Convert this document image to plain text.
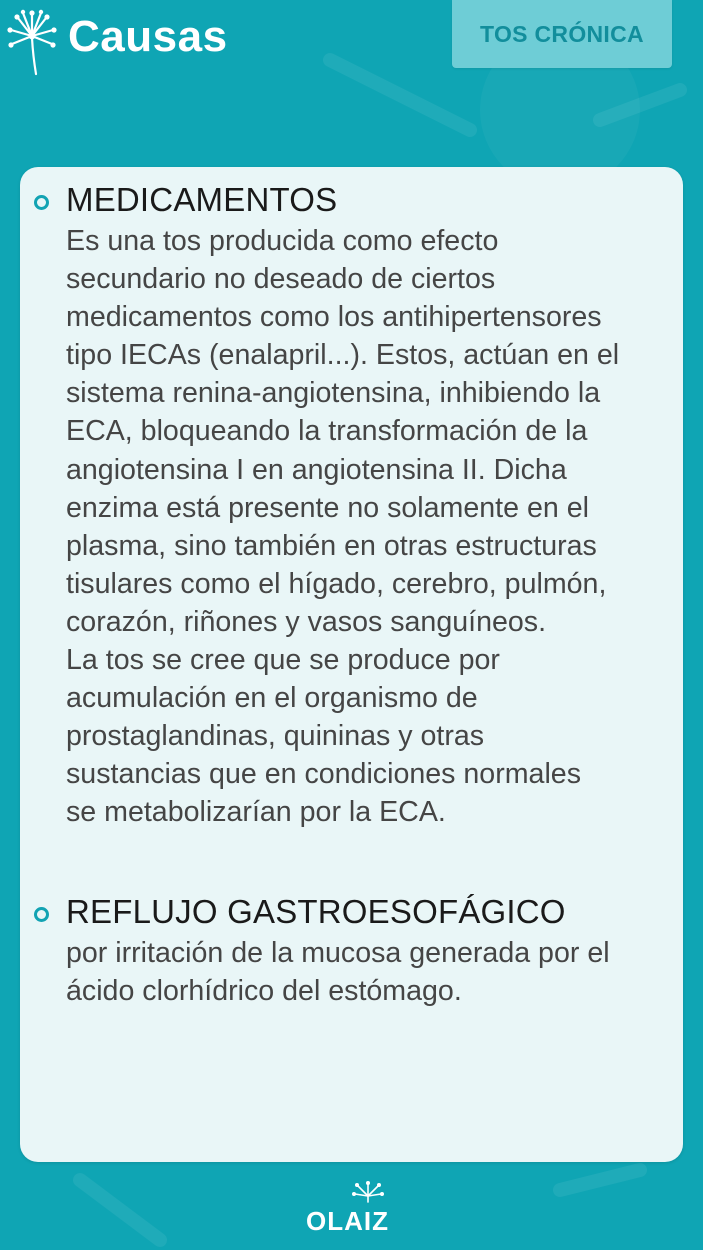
Causas	TOS CRÓNICA
MEDICAMENTOS
Es una tos producida como efecto
secundario no deseado de ciertos
medicamentos como los antihipertensores
tipo IECAs (enalapril...). Estos, actúan en el
sistema renina-angiotensina, inhibiendo la
ECA, bloqueando la transformación de la
angiotensina I en angiotensina II. Dicha
enzima está presente no solamente en el
plasma, sino también en otras estructuras
tisulares como el hígado, cerebro, pulmón,
corazón, riñones y vasos sanguíneos.
La tos se cree que se produce por
acumulación en el organismo de
prostaglandinas, quininas y otras
sustancias que en condiciones normales
se metabolizarían por la ECA.
REFLUJO GASTROESOFÁGICO
por irritación de la mucosa generada por el
ácido clorhídrico del estómago.
OLAIZ
